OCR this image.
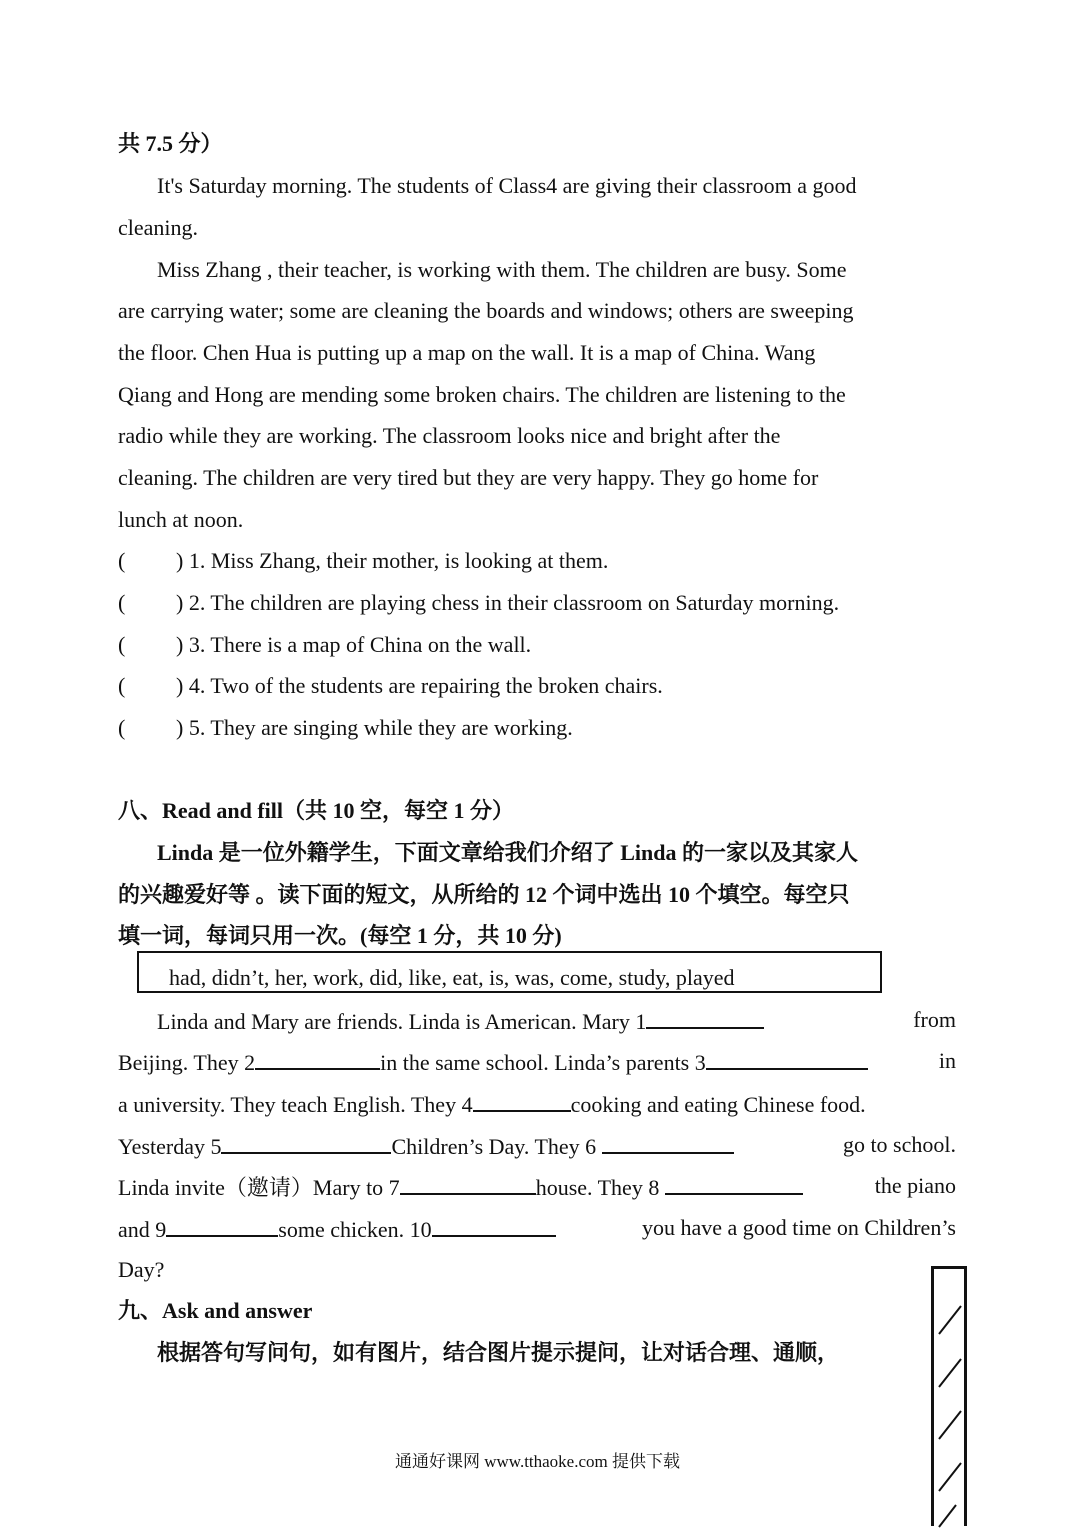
共 7.5 分）
It's Saturday morning. The students of Class4 are giving their classroom a good
cleaning.
Miss Zhang , their teacher, is working with them. The children are busy. Some
are carrying water; some are cleaning the boards and windows; others are sweeping
the floor. Chen Hua is putting up a map on the wall. It is a map of China. Wang
Qiang and Hong are mending some broken chairs. The children are listening to the
radio while they are working. The classroom looks nice and bright after the
cleaning. The children are very tired but they are very happy. They go home for
lunch at noon.
( ) 1. Miss Zhang, their mother, is looking at them.
( ) 2. The children are playing chess in their classroom on Saturday morning.
( ) 3. There is a map of China on the wall.
( ) 4. Two of the students are repairing the broken chairs.
( ) 5. They are singing while they are working.
八、Read and fill（共 10 空，每空 1 分）
Linda 是一位外籍学生，下面文章给我们介绍了 Linda 的一家以及其家人
的兴趣爱好等 。读下面的短文，从所给的 12 个词中选出 10 个填空。每空只
填一词，每词只用一次。(每空 1 分，共 10 分)
had, didn’t, her, work, did, like, eat, is, was, come, study, played
Linda and Mary are friends. Linda is American. Mary 1	from
Beijing. They 2	in the same school. Linda’s parents 3	in
a university. They teach English. They 4	cooking and eating Chinese food.
Yesterday 5	Children’s Day. They 6	go to school.
Linda invite（邀请）Mary to 7	house. They 8	the piano
and 9	some chicken. 10	you have a good time on Children’s
Day?
九、Ask and answer
根据答句写问句，如有图片，结合图片提示提问，让对话合理、通顺，
通通好课网 www.tthaoke.com 提供下载
